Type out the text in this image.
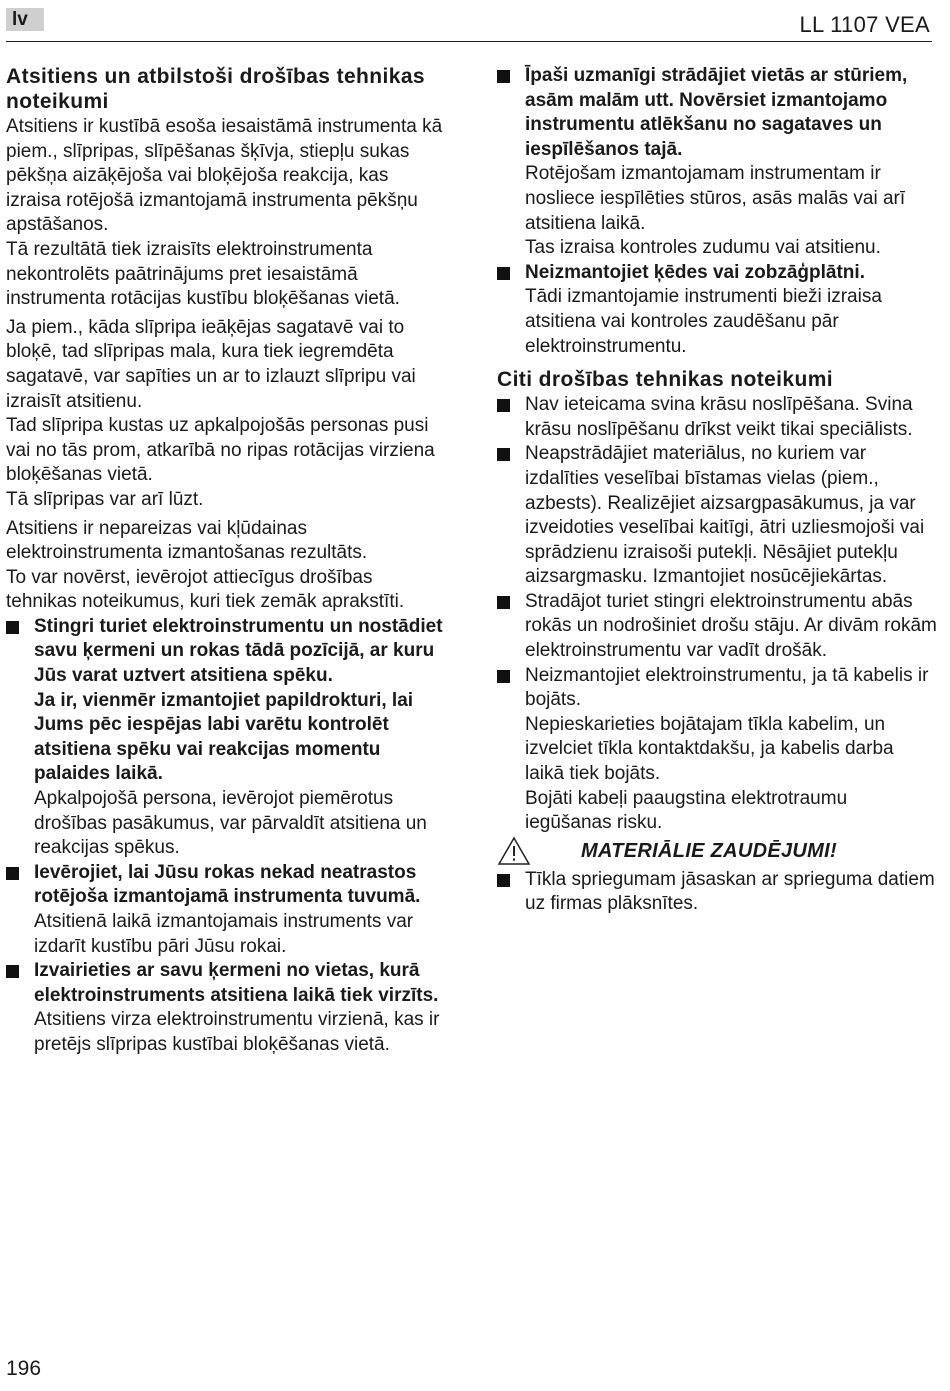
lv	LL 1107 VEA
Atsitiens un atbilstoši drošības tehnikas noteikumi

Atsitiens ir kustībā esoša iesaistāmā instrumenta kā piem., slīpripas, slīpēšanas šķīvja, stiepļu sukas pēkšņa aizāķējoša vai bloķējoša reakcija, kas izraisa rotējošā izmantojamā instrumenta pēkšņu apstāšanos.

Tā rezultātā tiek izraisīts elektroinstrumenta nekontrolēts paātrinājums pret iesaistāmā instrumenta rotācijas kustību bloķēšanas vietā.

Ja piem., kāda slīpripa ieāķējas sagatavē vai to bloķē, tad slīpripas mala, kura tiek iegremdēta sagatavē, var sapīties un ar to izlauzt slīpripu vai izraisīt atsitienu.

Tad slīpripa kustas uz apkalpojošās personas pusi vai no tās prom, atkarībā no ripas rotācijas virziena bloķēšanas vietā.

Tā slīpripas var arī lūzt.

Atsitiens ir nepareizas vai kļūdainas elektroinstrumenta izmantošanas rezultāts.

To var novērst, ievērojot attiecīgus drošības tehnikas noteikumus, kuri tiek zemāk aprakstīti.

Stingri turiet elektroinstrumentu un nostādiet savu ķermeni un rokas tādā pozīcijā, ar kuru Jūs varat uztvert atsitiena spēku.
Ja ir, vienmēr izmantojiet papildrokturi, lai Jums pēc iespējas labi varētu kontrolēt atsitiena spēku vai reakcijas momentu palaides laikā.
Apkalpojošā persona, ievērojot piemērotus drošības pasākumus, var pārvaldīt atsitiena un reakcijas spēkus.
Ievērojiet, lai Jūsu rokas nekad neatrastos rotējoša izmantojamā instrumenta tuvumā.
Atsitienā laikā izmantojamais instruments var izdarīt kustību pāri Jūsu rokai.
Izvairieties ar savu ķermeni no vietas, kurā elektroinstruments atsitiena laikā tiek virzīts.
Atsitiens virza elektroinstrumentu virzienā, kas ir pretējs slīpripas kustībai bloķēšanas vietā.
Īpaši uzmanīgi strādājiet vietās ar stūriem, asām malām utt. Novērsiet izmantojamo instrumentu atlēkšanu no sagataves un iespīlēšanos tajā.
Rotējošam izmantojamam instrumentam ir nosliece iespīlēties stūros, asās malās vai arī atsitiena laikā.
Tas izraisa kontroles zudumu vai atsitienu.
Neizmantojiet ķēdes vai zobzāģplātni.
Tādi izmantojamie instrumenti bieži izraisa atsitiena vai kontroles zaudēšanu pār elektroinstrumentu.
Citi drošības tehnikas noteikumi
Nav ieteicama svina krāsu noslīpēšana. Svina krāsu noslīpēšanu drīkst veikt tikai speciālists.
Neapstrādājiet materiālus, no kuriem var izdalīties veselībai bīstamas vielas (piem., azbests). Realizējiet aizsargpasākumus, ja var izveidoties veselībai kaitīgi, ātri uzliesmojoši vai sprādzienu izraisoši putekļi. Nēsājiet putekļu aizsargmasku. Izmantojiet nosūcējiekārtas.
Stradājot turiet stingri elektroinstrumentu abās rokās un nodrošiniet drošu stāju. Ar divām rokām elektroinstrumentu var vadīt drošāk.
Neizmantojiet elektroinstrumentu, ja tā kabelis ir bojāts.
Nepieskarieties bojātajam tīkla kabelim, un izvelciet tīkla kontaktdakšu, ja kabelis darba laikā tiek bojāts.
Bojāti kabeļi paaugstina elektrotraumu iegūšanas risku.
MATERIĀLIE ZAUDĒJUMI!
Tīkla spriegumam jāsaskan ar sprieguma datiem uz firmas plāksnītes.
196
